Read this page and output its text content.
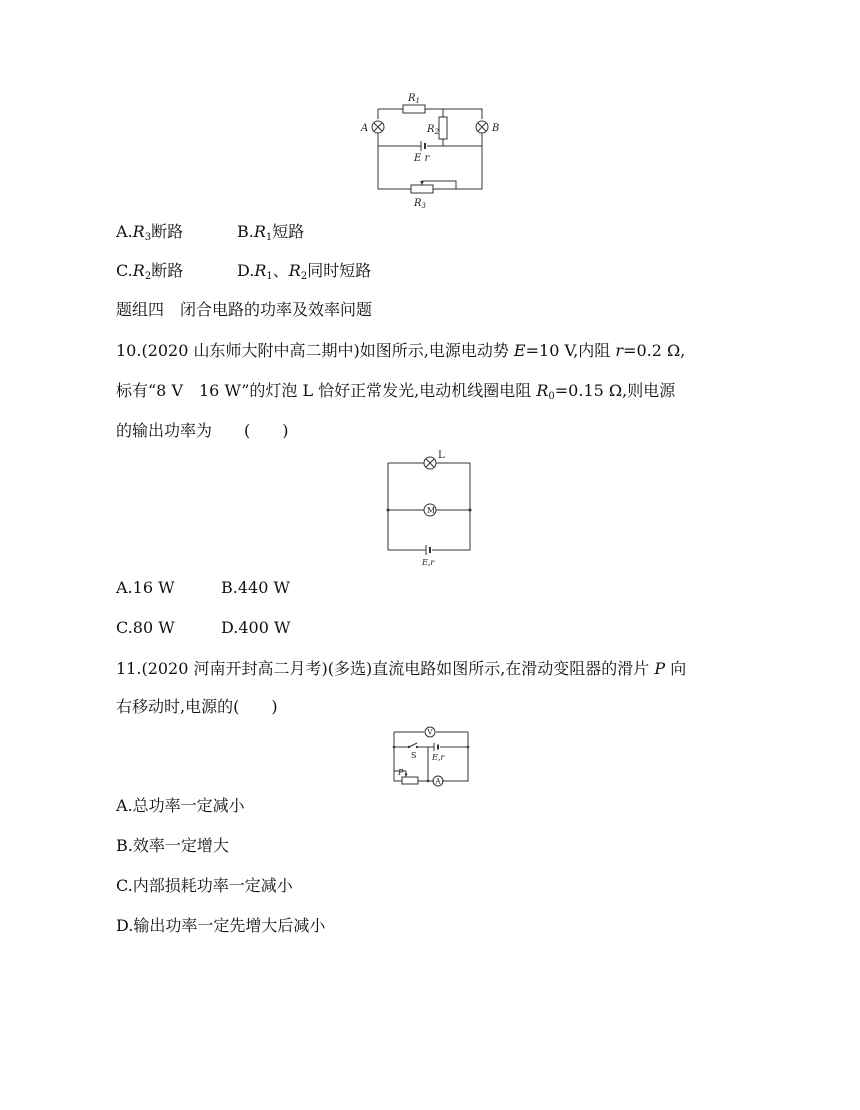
$R_1$
A	B
$R_2$
E r
$R_3$
$A.R_3$断路	$B.R_1$短路
$C.R_2$断路	$D.R_1$、$R_2$同时短路
题组四　闭合电路的功率及效率问题
10.(2020 山东师大附中高二期中)如图所示,电源电动势 E=10 V,内阻 r=0.2 Ω,
标有“8 V　16 W”的灯泡 L 恰好正常发光,电动机线圈电阻 $R_0=0.15$ Ω,则电源
的输出功率为　　(　　)
L
M
E,r
A.16 W	B.440 W
C.80 W	D.400 W
11.(2020 河南开封高二月考)(多选)直流电路如图所示,在滑动变阻器的滑片 P 向
右移动时,电源的(　　)
V
S E,r
P
A
A.总功率一定减小
B.效率一定增大
C.内部损耗功率一定减小
D.输出功率一定先增大后减小
